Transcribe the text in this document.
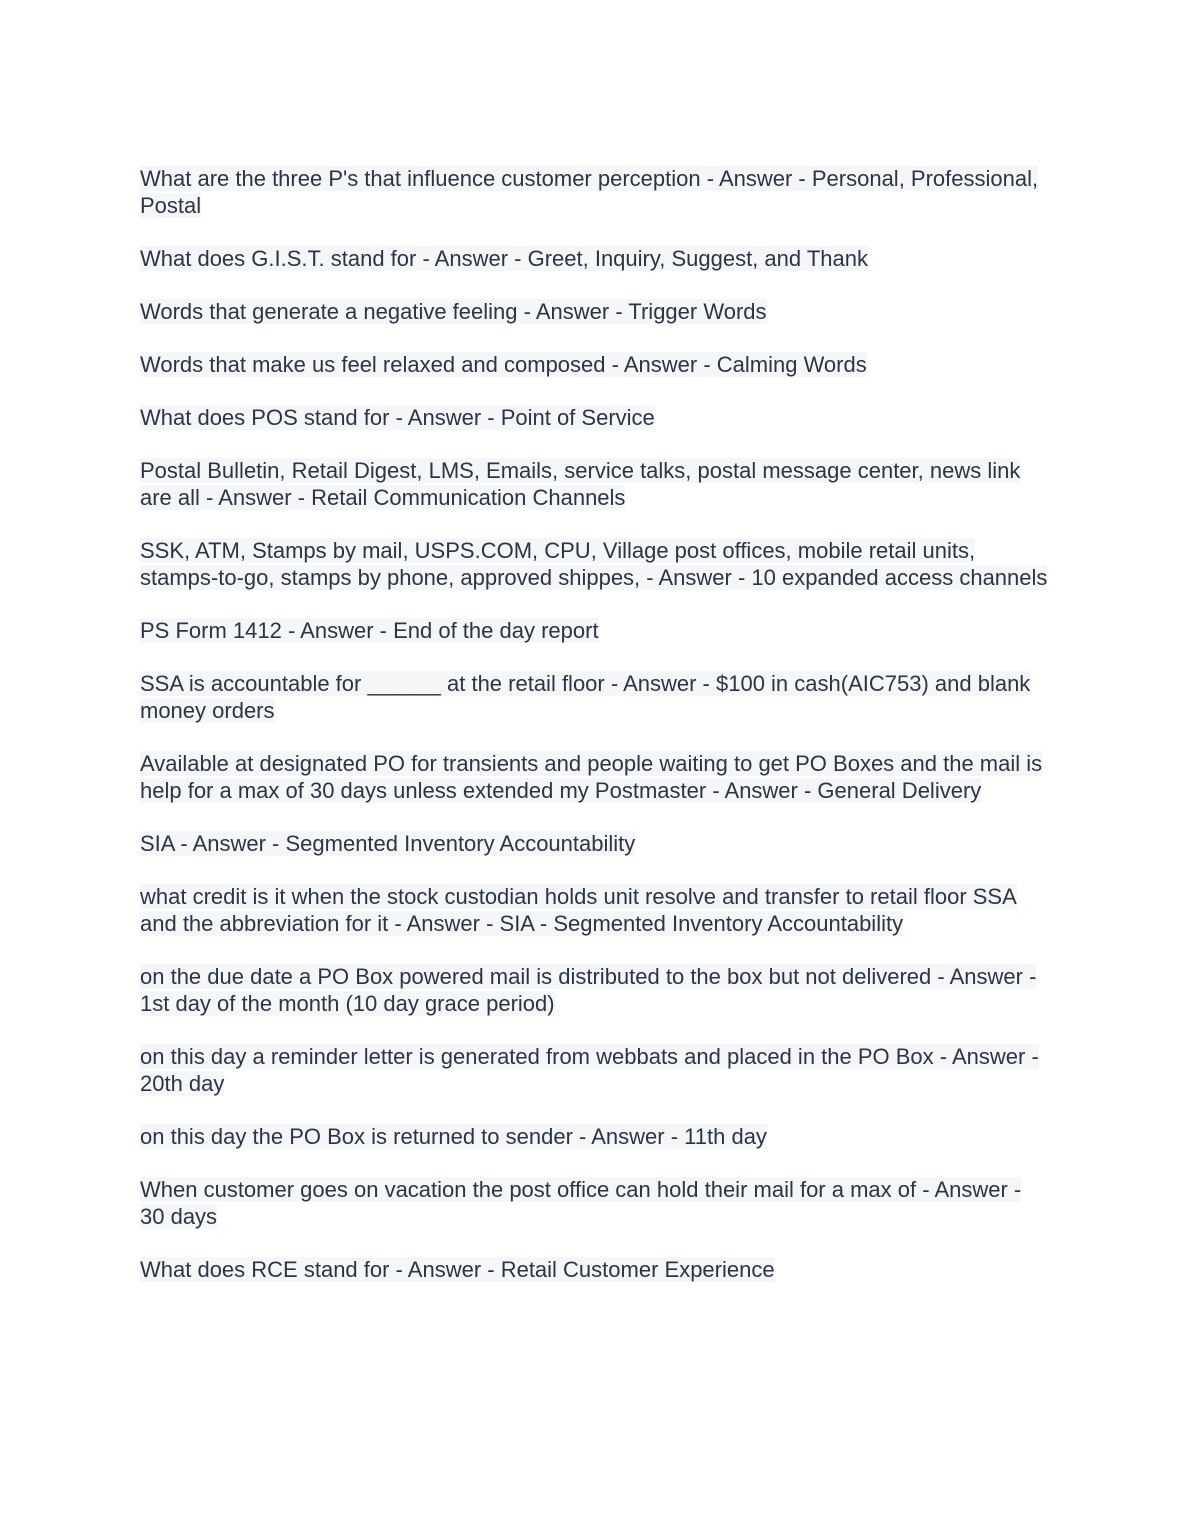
What are the three P's that influence customer perception - Answer - Personal, Professional, Postal
What does G.I.S.T. stand for - Answer - Greet, Inquiry, Suggest, and Thank
Words that generate a negative feeling - Answer - Trigger Words
Words that make us feel relaxed and composed - Answer - Calming Words
What does POS stand for - Answer - Point of Service
Postal Bulletin, Retail Digest, LMS, Emails, service talks, postal message center, news link are all - Answer - Retail Communication Channels
SSK, ATM, Stamps by mail, USPS.COM, CPU, Village post offices, mobile retail units, stamps-to-go, stamps by phone, approved shippes, - Answer - 10 expanded access channels
PS Form 1412 - Answer - End of the day report
SSA is accountable for ______ at the retail floor - Answer - $100 in cash(AIC753) and blank money orders
Available at designated PO for transients and people waiting to get PO Boxes and the mail is help for a max of 30 days unless extended my Postmaster - Answer - General Delivery
SIA - Answer - Segmented Inventory Accountability
what credit is it when the stock custodian holds unit resolve and transfer to retail floor SSA and the abbreviation for it - Answer - SIA - Segmented Inventory Accountability
on the due date a PO Box powered mail is distributed to the box but not delivered - Answer - 1st day of the month (10 day grace period)
on this day a reminder letter is generated from webbats and placed in the PO Box - Answer - 20th day
on this day the PO Box is returned to sender - Answer - 11th day
When customer goes on vacation the post office can hold their mail for a max of - Answer - 30 days
What does RCE stand for - Answer - Retail Customer Experience
